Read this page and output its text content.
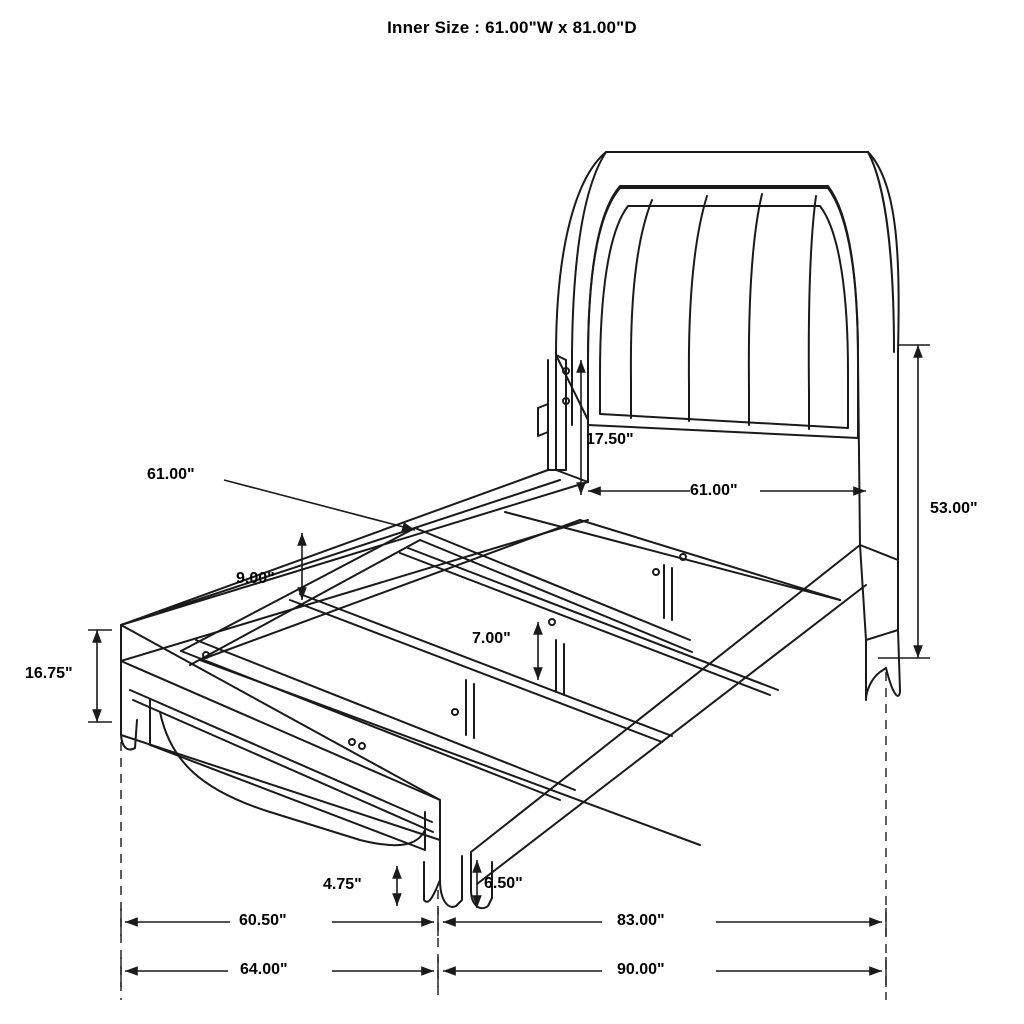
Inner Size : 61.00"W x 81.00"D
17.50"
61.00"
53.00"
61.00"
9.00"
7.00"
16.75"
4.75"	6.50"
60.50"	83.00"
64.00"	90.00"
